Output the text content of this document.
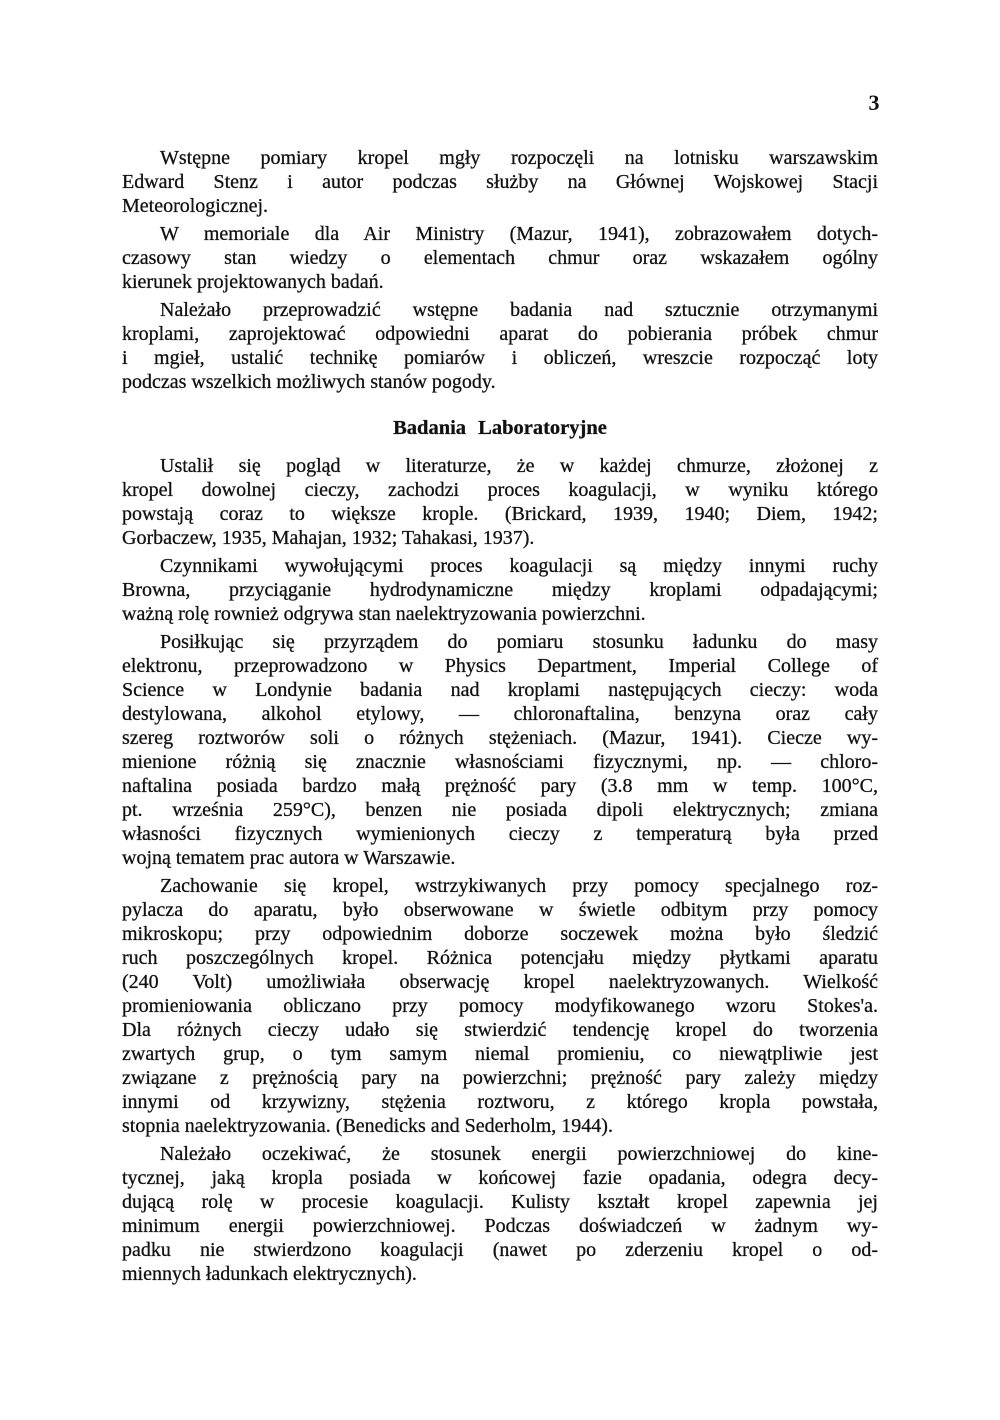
3
Wstępne pomiary kropel mgły rozpoczęli na lotnisku warszawskim
Edward Stenz i autor podczas służby na Głównej Wojskowej Stacji
Meteorologicznej.
W memoriale dla Air Ministry (Mazur, 1941), zobrazowałem dotych-
czasowy stan wiedzy o elementach chmur oraz wskazałem ogólny
kierunek projektowanych badań.
Należało przeprowadzić wstępne badania nad sztucznie otrzymanymi
kroplami, zaprojektować odpowiedni aparat do pobierania próbek chmur
i mgieł, ustalić technikę pomiarów i obliczeń, wreszcie rozpocząć loty
podczas wszelkich możliwych stanów pogody.
Badania Laboratoryjne
Ustalił się pogląd w literaturze, że w każdej chmurze, złożonej z
kropel dowolnej cieczy, zachodzi proces koagulacji, w wyniku którego
powstają coraz to większe krople. (Brickard, 1939, 1940; Diem, 1942;
Gorbaczew, 1935, Mahajan, 1932; Tahakasi, 1937).
Czynnikami wywołującymi proces koagulacji są między innymi ruchy
Browna, przyciąganie hydrodynamiczne między kroplami odpadającymi;
ważną rolę rownież odgrywa stan naelektryzowania powierzchni.
Posiłkując się przyrządem do pomiaru stosunku ładunku do masy
elektronu, przeprowadzono w Physics Department, Imperial College of
Science w Londynie badania nad kroplami następujących cieczy: woda
destylowana, alkohol etylowy, — chloronaftalina, benzyna oraz cały
szereg roztworów soli o różnych stężeniach. (Mazur, 1941). Ciecze wy-
mienione różnią się znacznie własnościami fizycznymi, np. — chloro-
naftalina posiada bardzo małą prężność pary (3.8 mm w temp. 100°C,
pt. września 259°C), benzen nie posiada dipoli elektrycznych; zmiana
własności fizycznych wymienionych cieczy z temperaturą była przed
wojną tematem prac autora w Warszawie.
Zachowanie się kropel, wstrzykiwanych przy pomocy specjalnego roz-
pylacza do aparatu, było obserwowane w świetle odbitym przy pomocy
mikroskopu; przy odpowiednim doborze soczewek można było śledzić
ruch poszczególnych kropel. Różnica potencjału między płytkami aparatu
(240 Volt) umożliwiała obserwację kropel naelektryzowanych. Wielkość
promieniowania obliczano przy pomocy modyfikowanego wzoru Stokes'a.
Dla różnych cieczy udało się stwierdzić tendencję kropel do tworzenia
zwartych grup, o tym samym niemal promieniu, co niewątpliwie jest
związane z prężnością pary na powierzchni; prężność pary zależy między
innymi od krzywizny, stężenia roztworu, z którego kropla powstała,
stopnia naelektryzowania. (Benedicks and Sederholm, 1944).
Należało oczekiwać, że stosunek energii powierzchniowej do kine-
tycznej, jaką kropla posiada w końcowej fazie opadania, odegra decy-
dującą rolę w procesie koagulacji. Kulisty kształt kropel zapewnia jej
minimum energii powierzchniowej. Podczas doświadczeń w żadnym wy-
padku nie stwierdzono koagulacji (nawet po zderzeniu kropel o od-
miennych ładunkach elektrycznych).
